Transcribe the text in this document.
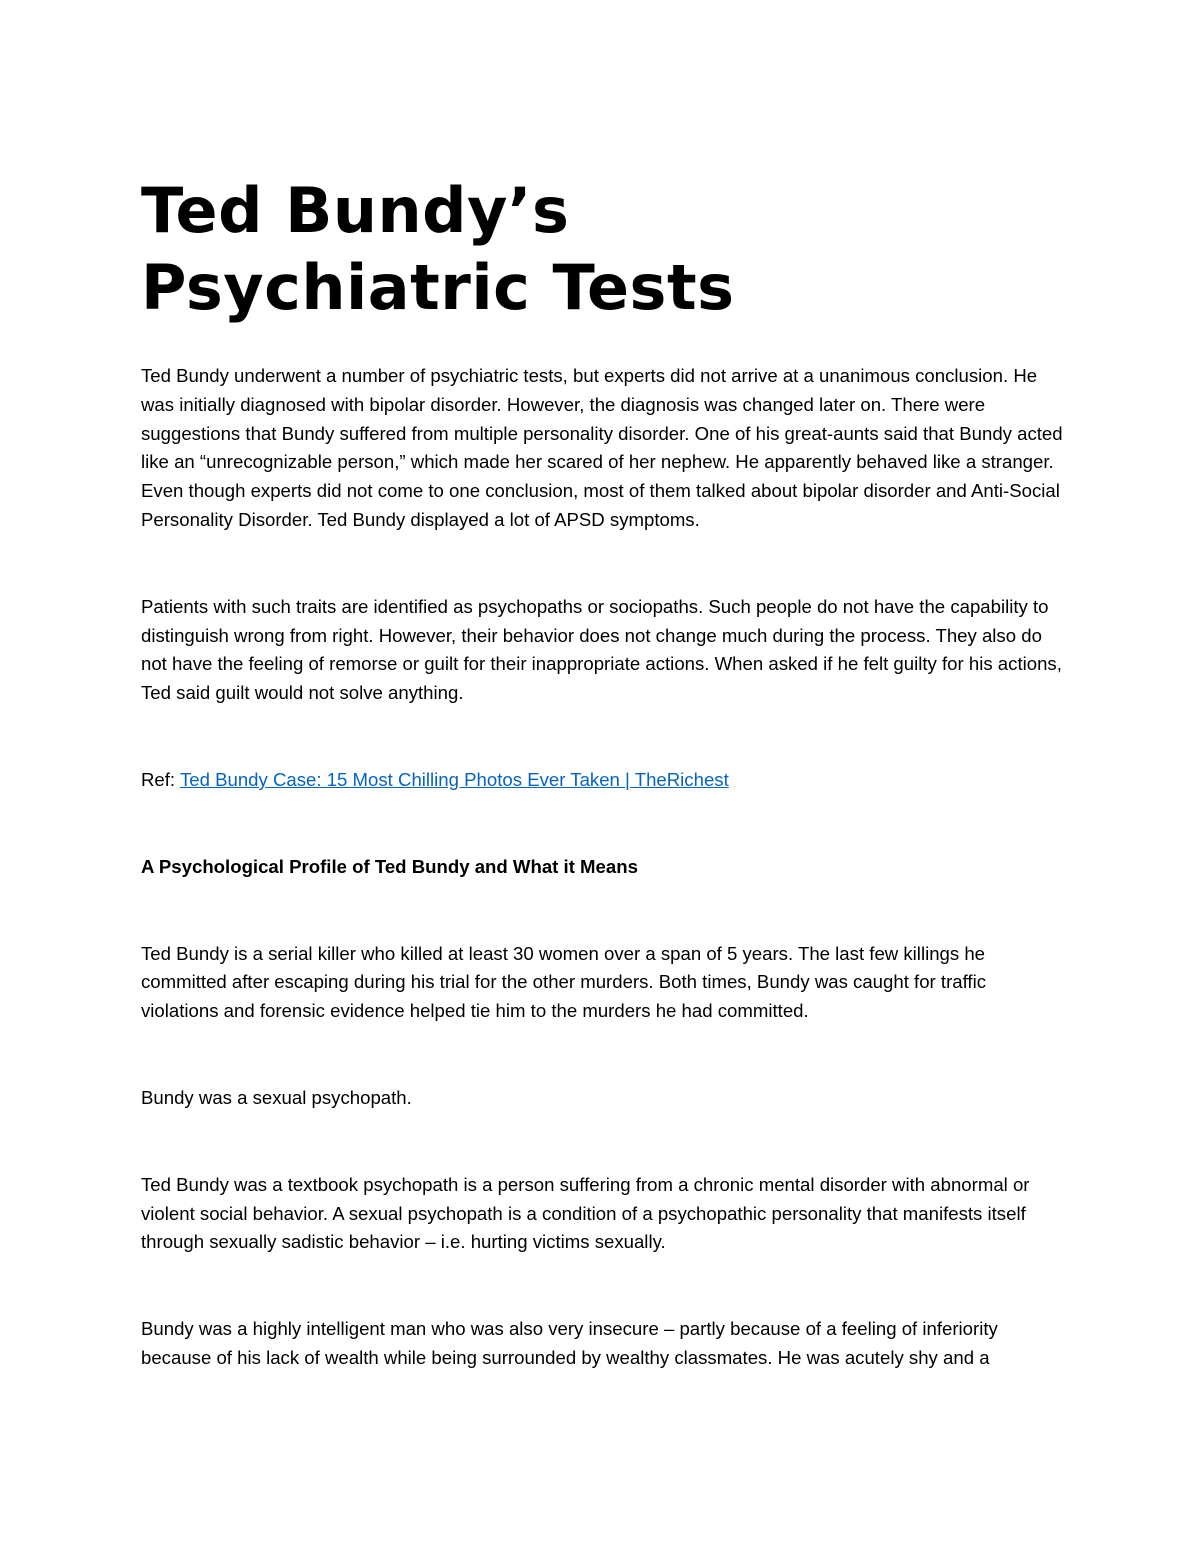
Ted Bundy’s
Psychiatric Tests

Ted Bundy underwent a number of psychiatric tests, but experts did not arrive at a unanimous conclusion. He was initially diagnosed with bipolar disorder. However, the diagnosis was changed later on. There were suggestions that Bundy suffered from multiple personality disorder. One of his great-aunts said that Bundy acted like an “unrecognizable person,” which made her scared of her nephew. He apparently behaved like a stranger. Even though experts did not come to one conclusion, most of them talked about bipolar disorder and Anti-Social Personality Disorder. Ted Bundy displayed a lot of APSD symptoms.

Patients with such traits are identified as psychopaths or sociopaths. Such people do not have the capability to distinguish wrong from right. However, their behavior does not change much during the process. They also do not have the feeling of remorse or guilt for their inappropriate actions. When asked if he felt guilty for his actions, Ted said guilt would not solve anything.

Ref: Ted Bundy Case: 15 Most Chilling Photos Ever Taken | TheRichest

A Psychological Profile of Ted Bundy and What it Means

Ted Bundy is a serial killer who killed at least 30 women over a span of 5 years. The last few killings he committed after escaping during his trial for the other murders. Both times, Bundy was caught for traffic violations and forensic evidence helped tie him to the murders he had committed.

Bundy was a sexual psychopath.

Ted Bundy was a textbook psychopath is a person suffering from a chronic mental disorder with abnormal or violent social behavior. A sexual psychopath is a condition of a psychopathic personality that manifests itself through sexually sadistic behavior – i.e. hurting victims sexually.

Bundy was a highly intelligent man who was also very insecure – partly because of a feeling of inferiority because of his lack of wealth while being surrounded by wealthy classmates. He was acutely shy and a
